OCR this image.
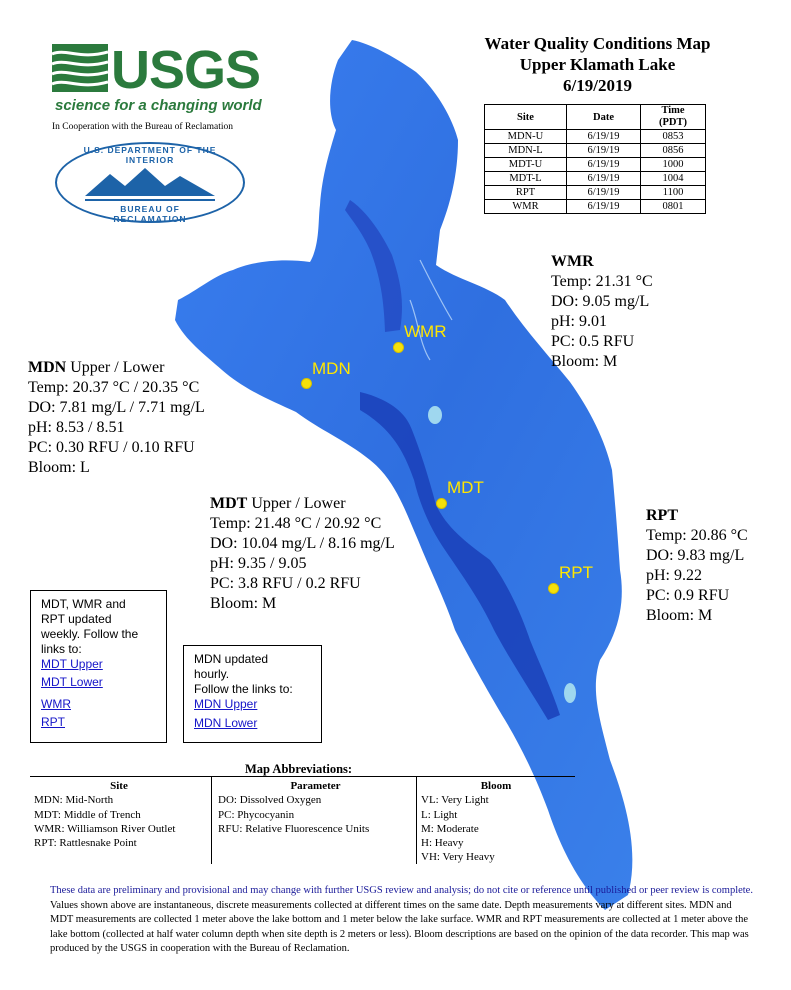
USGS
science for a changing world
In Cooperation with the Bureau of Reclamation
U.S. DEPARTMENT OF THE INTERIOR
BUREAU OF RECLAMATION
Water Quality Conditions Map
Upper Klamath Lake
6/19/2019
Site	Date	Time
(PDT)
MDN-U	6/19/19	0853
MDN-L	6/19/19	0856
MDT-U	6/19/19	1000
MDT-L	6/19/19	1004
RPT	6/19/19	1100
WMR	6/19/19	0801
WMR
MDN
MDT
RPT
WMR
Temp: 21.31 °C
DO: 9.05 mg/L
pH: 9.01
PC: 0.5 RFU
Bloom: M
MDN Upper / Lower
Temp: 20.37 °C / 20.35 °C
DO: 7.81 mg/L / 7.71 mg/L
pH: 8.53 / 8.51
PC: 0.30 RFU / 0.10 RFU
Bloom: L
MDT Upper / Lower
Temp: 21.48 °C / 20.92 °C
DO: 10.04 mg/L / 8.16 mg/L
pH: 9.35 / 9.05
PC: 3.8 RFU / 0.2 RFU
Bloom: M
RPT
Temp: 20.86 °C
DO: 9.83 mg/L
pH: 9.22
PC: 0.9 RFU
Bloom: M
MDT, WMR and
RPT updated
weekly. Follow the
links to:
MDT Upper
MDT Lower
WMR
RPT
MDN updated
hourly.
Follow the links to:
MDN Upper
MDN Lower
Map Abbreviations:
Site
MDN: Mid-North
MDT: Middle of Trench
WMR: Williamson River Outlet
RPT: Rattlesnake Point
Parameter
DO: Dissolved Oxygen
PC: Phycocyanin
RFU: Relative Fluorescence Units
Bloom
VL: Very Light
L: Light
M: Moderate
H: Heavy
VH: Very Heavy
These data are preliminary and provisional and may change with further USGS review and analysis; do not cite or reference until published or peer review is complete. Values shown above are instantaneous, discrete measurements collected at different times on the same date. Depth measurements vary at different sites. MDN and MDT measurements are collected 1 meter above the lake bottom and 1 meter below the lake surface. WMR and RPT measurements are collected at 1 meter above the lake bottom (collected at half water column depth when site depth is 2 meters or less). Bloom descriptions are based on the opinion of the data recorder. This map was produced by the USGS in cooperation with the Bureau of Reclamation.
